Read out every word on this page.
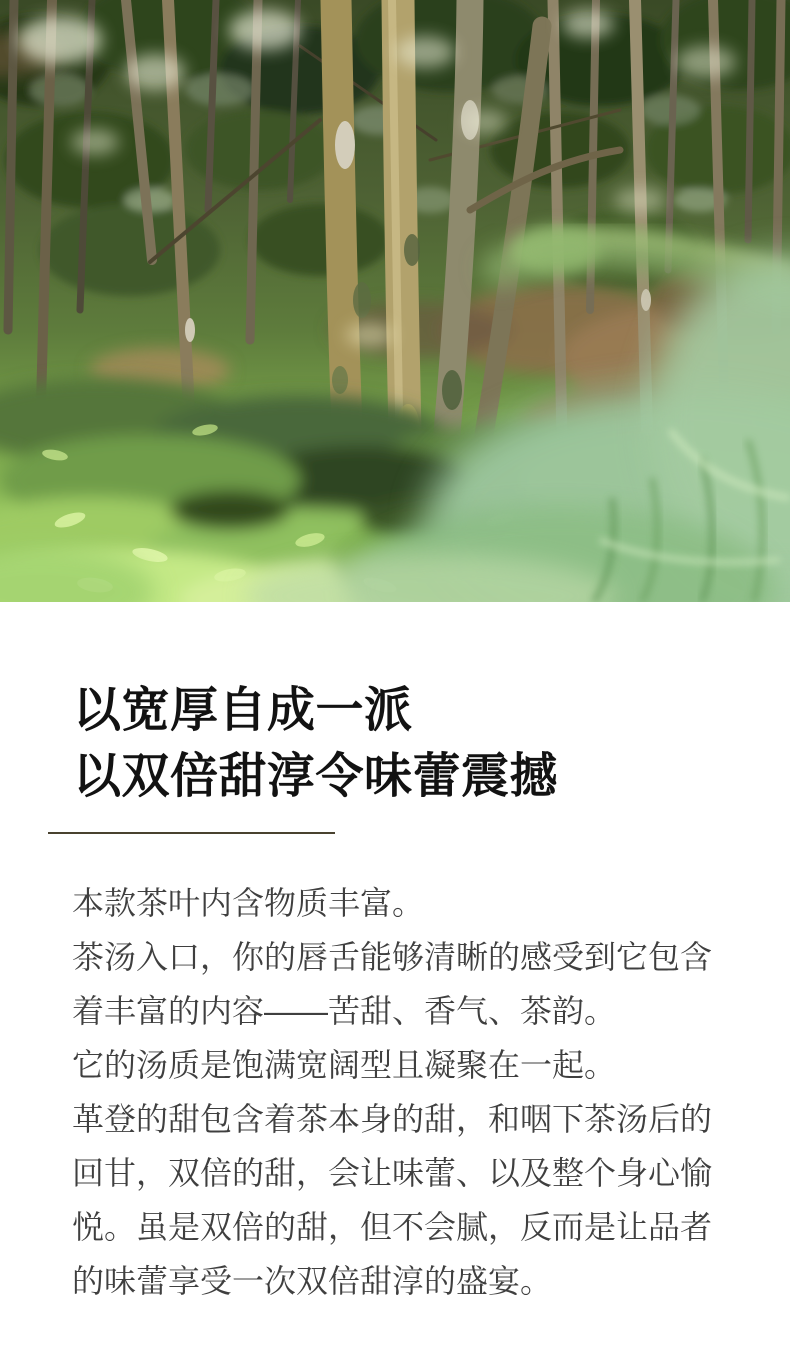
以宽厚自成一派
以双倍甜淳令味蕾震撼
本款茶叶内含物质丰富。
茶汤入口，你的唇舌能够清晰的感受到它包含
着丰富的内容——苦甜、香气、茶韵。
它的汤质是饱满宽阔型且凝聚在一起。
革登的甜包含着茶本身的甜，和咽下茶汤后的
回甘，双倍的甜，会让味蕾、以及整个身心愉
悦。虽是双倍的甜，但不会腻，反而是让品者
的味蕾享受一次双倍甜淳的盛宴。
